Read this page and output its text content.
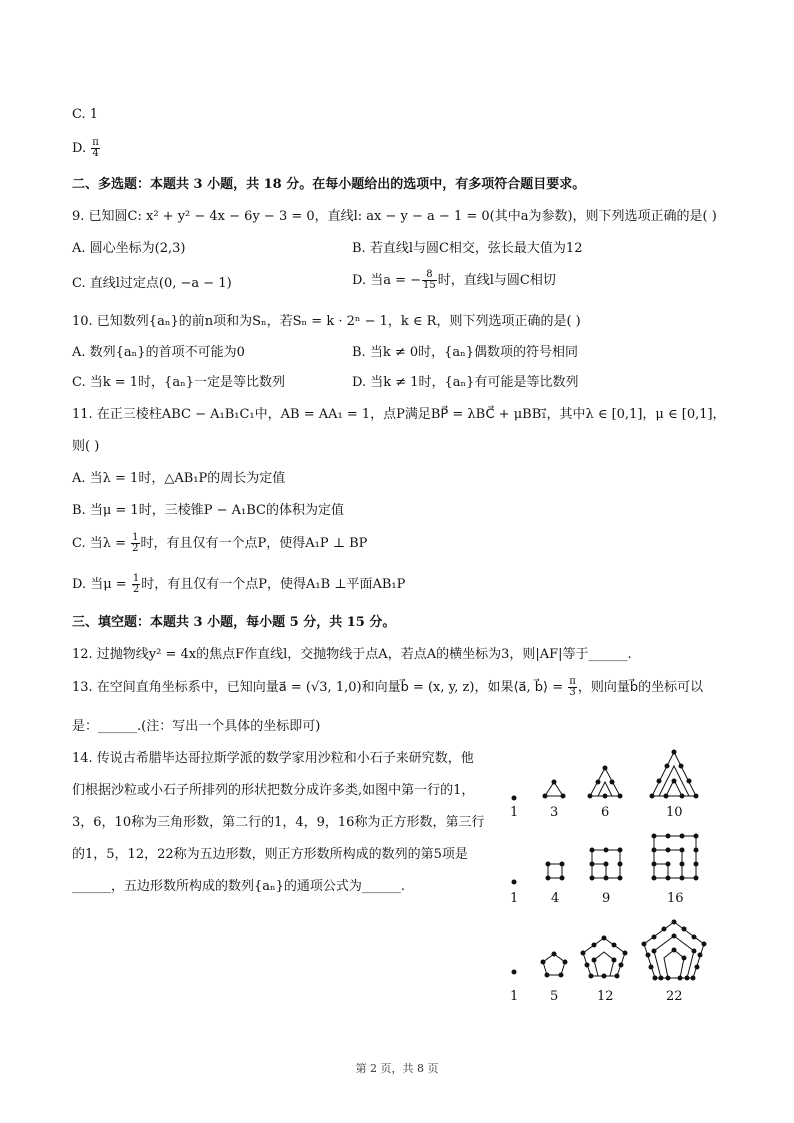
C. 1
D. $\frac{\pi}{4}$
二、多选题：本题共 3 小题，共 18 分。在每小题给出的选项中，有多项符合题目要求。
9. 已知圆C: x² + y² − 4x − 6y − 3 = 0，直线l: ax − y − a − 1 = 0(其中a为参数)，则下列选项正确的是( )
A. 圆心坐标为(2,3)	B. 若直线l与圆C相交，弦长最大值为12
C. 直线l过定点(0, −a − 1)	D. 当a = − $\frac{8}{15}$ 时，直线l与圆C相切
10. 已知数列{aₙ}的前n项和为Sₙ，若Sₙ = k · 2ⁿ − 1，k ∈ R，则下列选项正确的是( )
A. 数列{aₙ}的首项不可能为0	B. 当k ≠ 0时，{aₙ}偶数项的符号相同
C. 当k = 1时，{aₙ}一定是等比数列	D. 当k ≠ 1时，{aₙ}有可能是等比数列
11. 在正三棱柱ABC − A₁B₁C₁中，AB = AA₁ = 1，点P满足BP⃗ = λBC⃗ + μBB₁⃗，其中λ ∈ [0,1]，μ ∈ [0,1]，
则( )
A. 当λ = 1时，△AB₁P的周长为定值
B. 当μ = 1时，三棱锥P − A₁BC的体积为定值
C. 当$\lambda = \frac{1}{2}$ 时，有且仅有一个点P，使得A₁P ⊥ BP
D. 当$\mu = \frac{1}{2}$ 时，有且仅有一个点P，使得A₁B ⊥平面AB₁P
三、填空题：本题共 3 小题，每小题 5 分，共 15 分。
12. 过抛物线y² = 4x的焦点F作直线l，交抛物线于点A，若点A的横坐标为3，则|AF|等于______.
13. 在空间直角坐标系中，已知向量a⃗ = (√3, 1,0)和向量b⃗ = (x, y, z)，如果⟨a⃗, b⃗⟩ = $\frac{\pi}{3}$ ，则向量b⃗的坐标可以
是：______.(注：写出一个具体的坐标即可)
14. 传说古希腊毕达哥拉斯学派的数学家用沙粒和小石子来研究数，他
们根据沙粒或小石子所排列的形状把数分成许多类,如图中第一行的1，
3，6，10称为三角形数，第二行的1，4，9，16称为正方形数，第三行
的1，5，12，22称为五边形数，则正方形数所构成的数列的第5项是
______，五边形数所构成的数列{aₙ}的通项公式为______.
1 3	6	10
1	4	9	16
1 5	12	22
第 2 页，共 8 页
